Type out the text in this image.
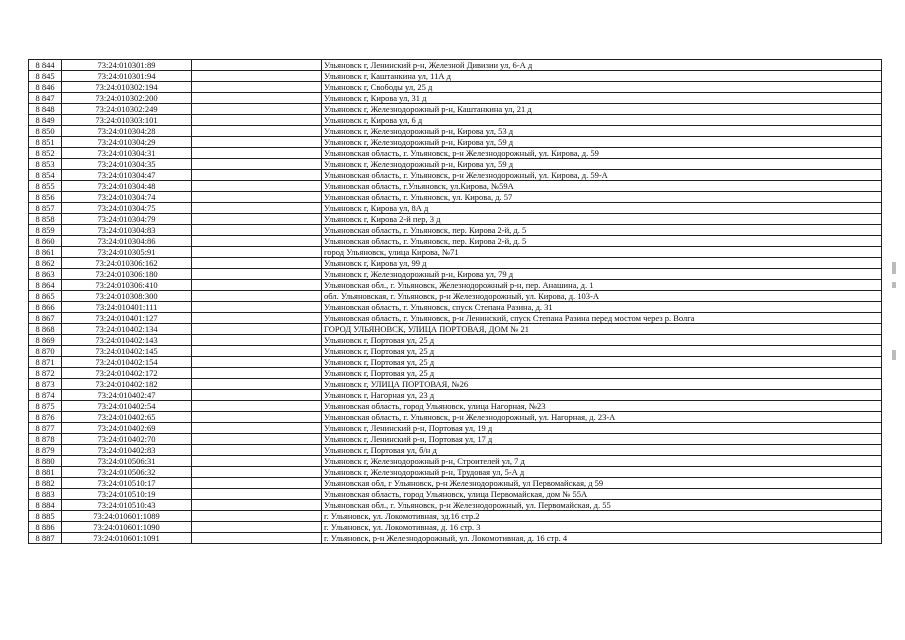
8 844	73:24:010301:89		Ульяновск г, Ленинский р-н, Железной Дивизии ул, 6-А д
8 845	73:24:010301:94		Ульяновск г, Каштанкина ул, 11А д
8 846	73:24:010302:194		Ульяновск г, Свободы ул, 25 д
8 847	73:24:010302:200		Ульяновск г, Кирова ул, 31 д
8 848	73:24:010302:249		Ульяновск г, Железнодорожный р-н, Каштанкина ул, 21 д
8 849	73:24:010303:101		Ульяновск г, Кирова ул, 6 д
8 850	73:24:010304:28		Ульяновск г, Железнодорожный р-н, Кирова ул, 53 д
8 851	73:24:010304:29		Ульяновск г, Железнодорожный р-н, Кирова ул, 59 д
8 852	73:24:010304:31		Ульяновская область, г. Ульяновск, р-н Железнодорожный, ул. Кирова, д. 59
8 853	73:24:010304:35		Ульяновск г, Железнодорожный р-н, Кирова ул, 59 д
8 854	73:24:010304:47		Ульяновская область, г. Ульяновск, р-н Железнодорожный, ул. Кирова, д. 59-А
8 855	73:24:010304:48		Ульяновская область, г.Ульяновск, ул.Кирова, №59А
8 856	73:24:010304:74		Ульяновская область, г. Ульяновск, ул. Кирова, д. 57
8 857	73:24:010304:75		Ульяновск г, Кирова ул, 8А д
8 858	73:24:010304:79		Ульяновск г, Кирова 2-й пер, 3 д
8 859	73:24:010304:83		Ульяновская область, г. Ульяновск, пер. Кирова 2-й, д. 5
8 860	73:24:010304:86		Ульяновская область, г. Ульяновск, пер. Кирова 2-й, д. 5
8 861	73:24:010305:91		город Ульяновск, улица Кирова, №71
8 862	73:24:010306:162		Ульяновск г, Кирова ул, 99 д
8 863	73:24:010306:180		Ульяновск г, Железнодорожный р-н, Кирова ул, 79 д
8 864	73:24:010306:410		Ульяновская обл., г. Ульяновск, Железнодорожный р-н, пер. Анашина, д. 1
8 865	73:24:010308:300		обл. Ульяновская, г. Ульяновск, р-н Железнодорожный, ул. Кирова, д. 103-А
8 866	73:24:010401:111		Ульяновская область, г. Ульяновск, спуск Степана Разина, д. 31
8 867	73:24:010401:127		Ульяновская область, г. Ульяновск, р-н Ленинский, спуск Степана Разина перед мостом через р. Волга
8 868	73:24:010402:134		ГОРОД УЛЬЯНОВСК, УЛИЦА ПОРТОВАЯ, ДОМ № 21
8 869	73:24:010402:143		Ульяновск г, Портовая ул, 25 д
8 870	73:24:010402:145		Ульяновск г, Портовая ул, 25 д
8 871	73:24:010402:154		Ульяновск г, Портовая ул, 25 д
8 872	73:24:010402:172		Ульяновск г, Портовая ул, 25 д
8 873	73:24:010402:182		Ульяновск г, УЛИЦА ПОРТОВАЯ, №26
8 874	73:24:010402:47		Ульяновск г, Нагорная ул, 23 д
8 875	73:24:010402:54		Ульяновская область, город Ульяновск, улица Нагорная, №23
8 876	73:24:010402:65		Ульяновская область, г. Ульяновск, р-н Железнодорожный, ул. Нагорная, д. 23-А
8 877	73:24:010402:69		Ульяновск г, Ленинский р-н, Портовая ул, 19 д
8 878	73:24:010402:70		Ульяновск г, Ленинский р-н, Портовая ул, 17 д
8 879	73:24:010402:83		Ульяновск г, Портовая ул, б/н д
8 880	73:24:010506:31		Ульяновск г, Железнодорожный р-н, Строителей ул, 7 д
8 881	73:24:010506:32		Ульяновск г, Железнодорожный р-н, Трудовая ул, 5-А д
8 882	73:24:010510:17		Ульяновская обл, г Ульяновск, р-н Железнодорожный, ул Первомайская, д 59
8 883	73:24:010510:19		Ульяновская область, город Ульяновск, улица Первомайская, дом № 55А
8 884	73:24:010510:43		Ульяновская обл., г. Ульяновск, р-н Железнодорожный, ул. Первомайская, д. 55
8 885	73:24:010601:1089		г. Ульяновск, ул. Локомотивная, зд.16 стр.2
8 886	73:24:010601:1090		г. Ульяновск, ул. Локомотивная, д. 16 стр. 3
8 887	73:24:010601:1091		г. Ульяновск, р-н Железнодорожный, ул. Локомотивная, д. 16 стр. 4
